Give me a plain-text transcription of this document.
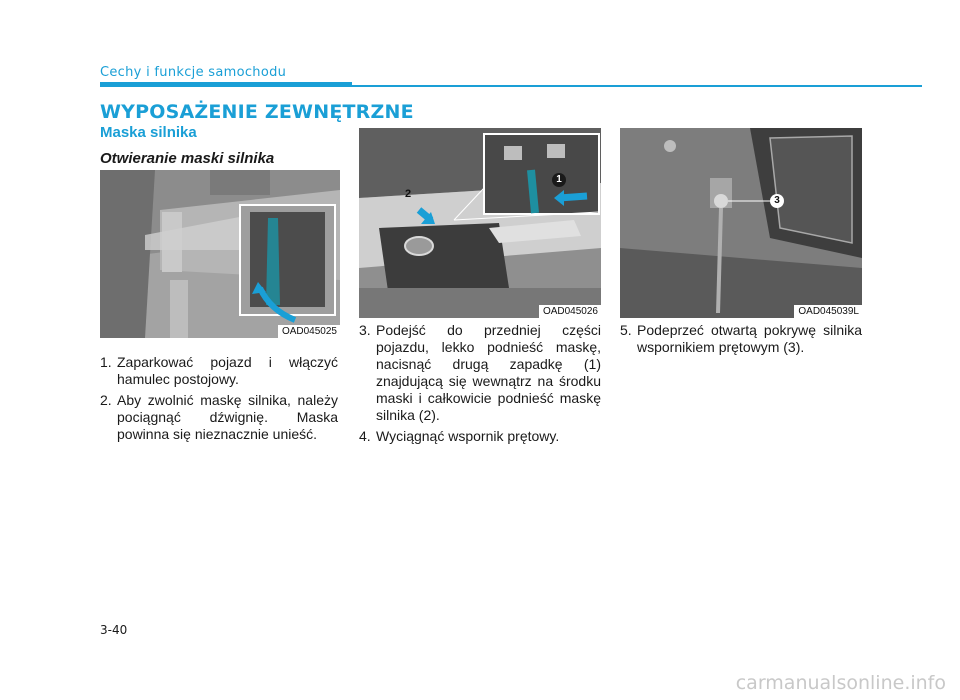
Cechy i funkcje samochodu
WYPOSAŻENIE ZEWNĘTRZNE
Maska silnika
Otwieranie maski silnika
OAD045025
1
2
OAD045026
3
OAD045039L
1. Zaparkować pojazd i włączyć hamulec postojowy.
2. Aby zwolnić maskę silnika, należy pociągnąć dźwignię. Maska powinna się nieznacznie unieść.
3. Podejść do przedniej części pojazdu, lekko podnieść maskę, nacisnąć drugą zapadkę (1) znajdującą się wewnątrz na środku maski i całkowicie podnieść maskę silnika (2).
4. Wyciągnąć wspornik prętowy.
5. Podeprzeć otwartą pokrywę silnika wspornikiem prętowym (3).
3-40
carmanualsonline.info
